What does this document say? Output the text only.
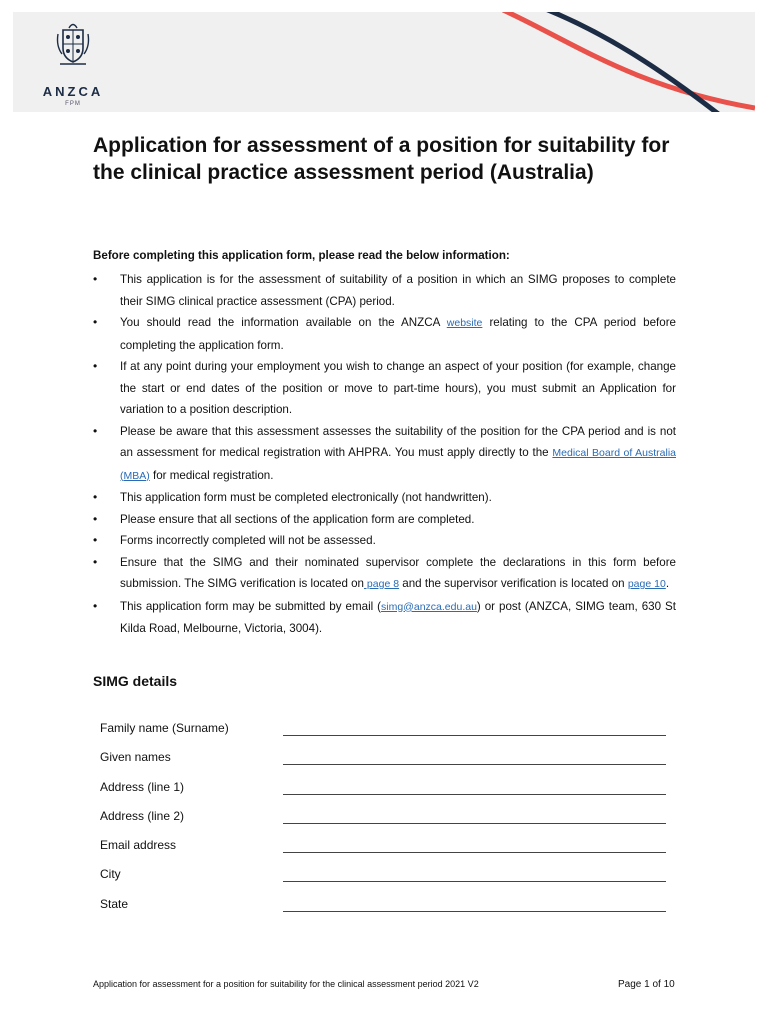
ANZCA
FPM
Application for assessment of a position for suitability for the clinical practice assessment period (Australia)
Before completing this application form, please read the below information:
• This application is for the assessment of suitability of a position in which an SIMG proposes to complete their SIMG clinical practice assessment (CPA) period.
• You should read the information available on the ANZCA website relating to the CPA period before completing the application form.
• If at any point during your employment you wish to change an aspect of your position (for example, change the start or end dates of the position or move to part-time hours), you must submit an Application for variation to a position description.
• Please be aware that this assessment assesses the suitability of the position for the CPA period and is not an assessment for medical registration with AHPRA. You must apply directly to the Medical Board of Australia (MBA) for medical registration.
• This application form must be completed electronically (not handwritten).
• Please ensure that all sections of the application form are completed.
• Forms incorrectly completed will not be assessed.
• Ensure that the SIMG and their nominated supervisor complete the declarations in this form before submission. The SIMG verification is located on page 8 and the supervisor verification is located on page 10.
• This application form may be submitted by email (simg@anzca.edu.au) or post (ANZCA, SIMG team, 630 St Kilda Road, Melbourne, Victoria, 3004).
SIMG details
Family name (Surname)
Given names
Address (line 1)
Address (line 2)
Email address
City
State
Application for assessment for a position for suitability for the clinical assessment period 2021 V2	Page 1 of 10
